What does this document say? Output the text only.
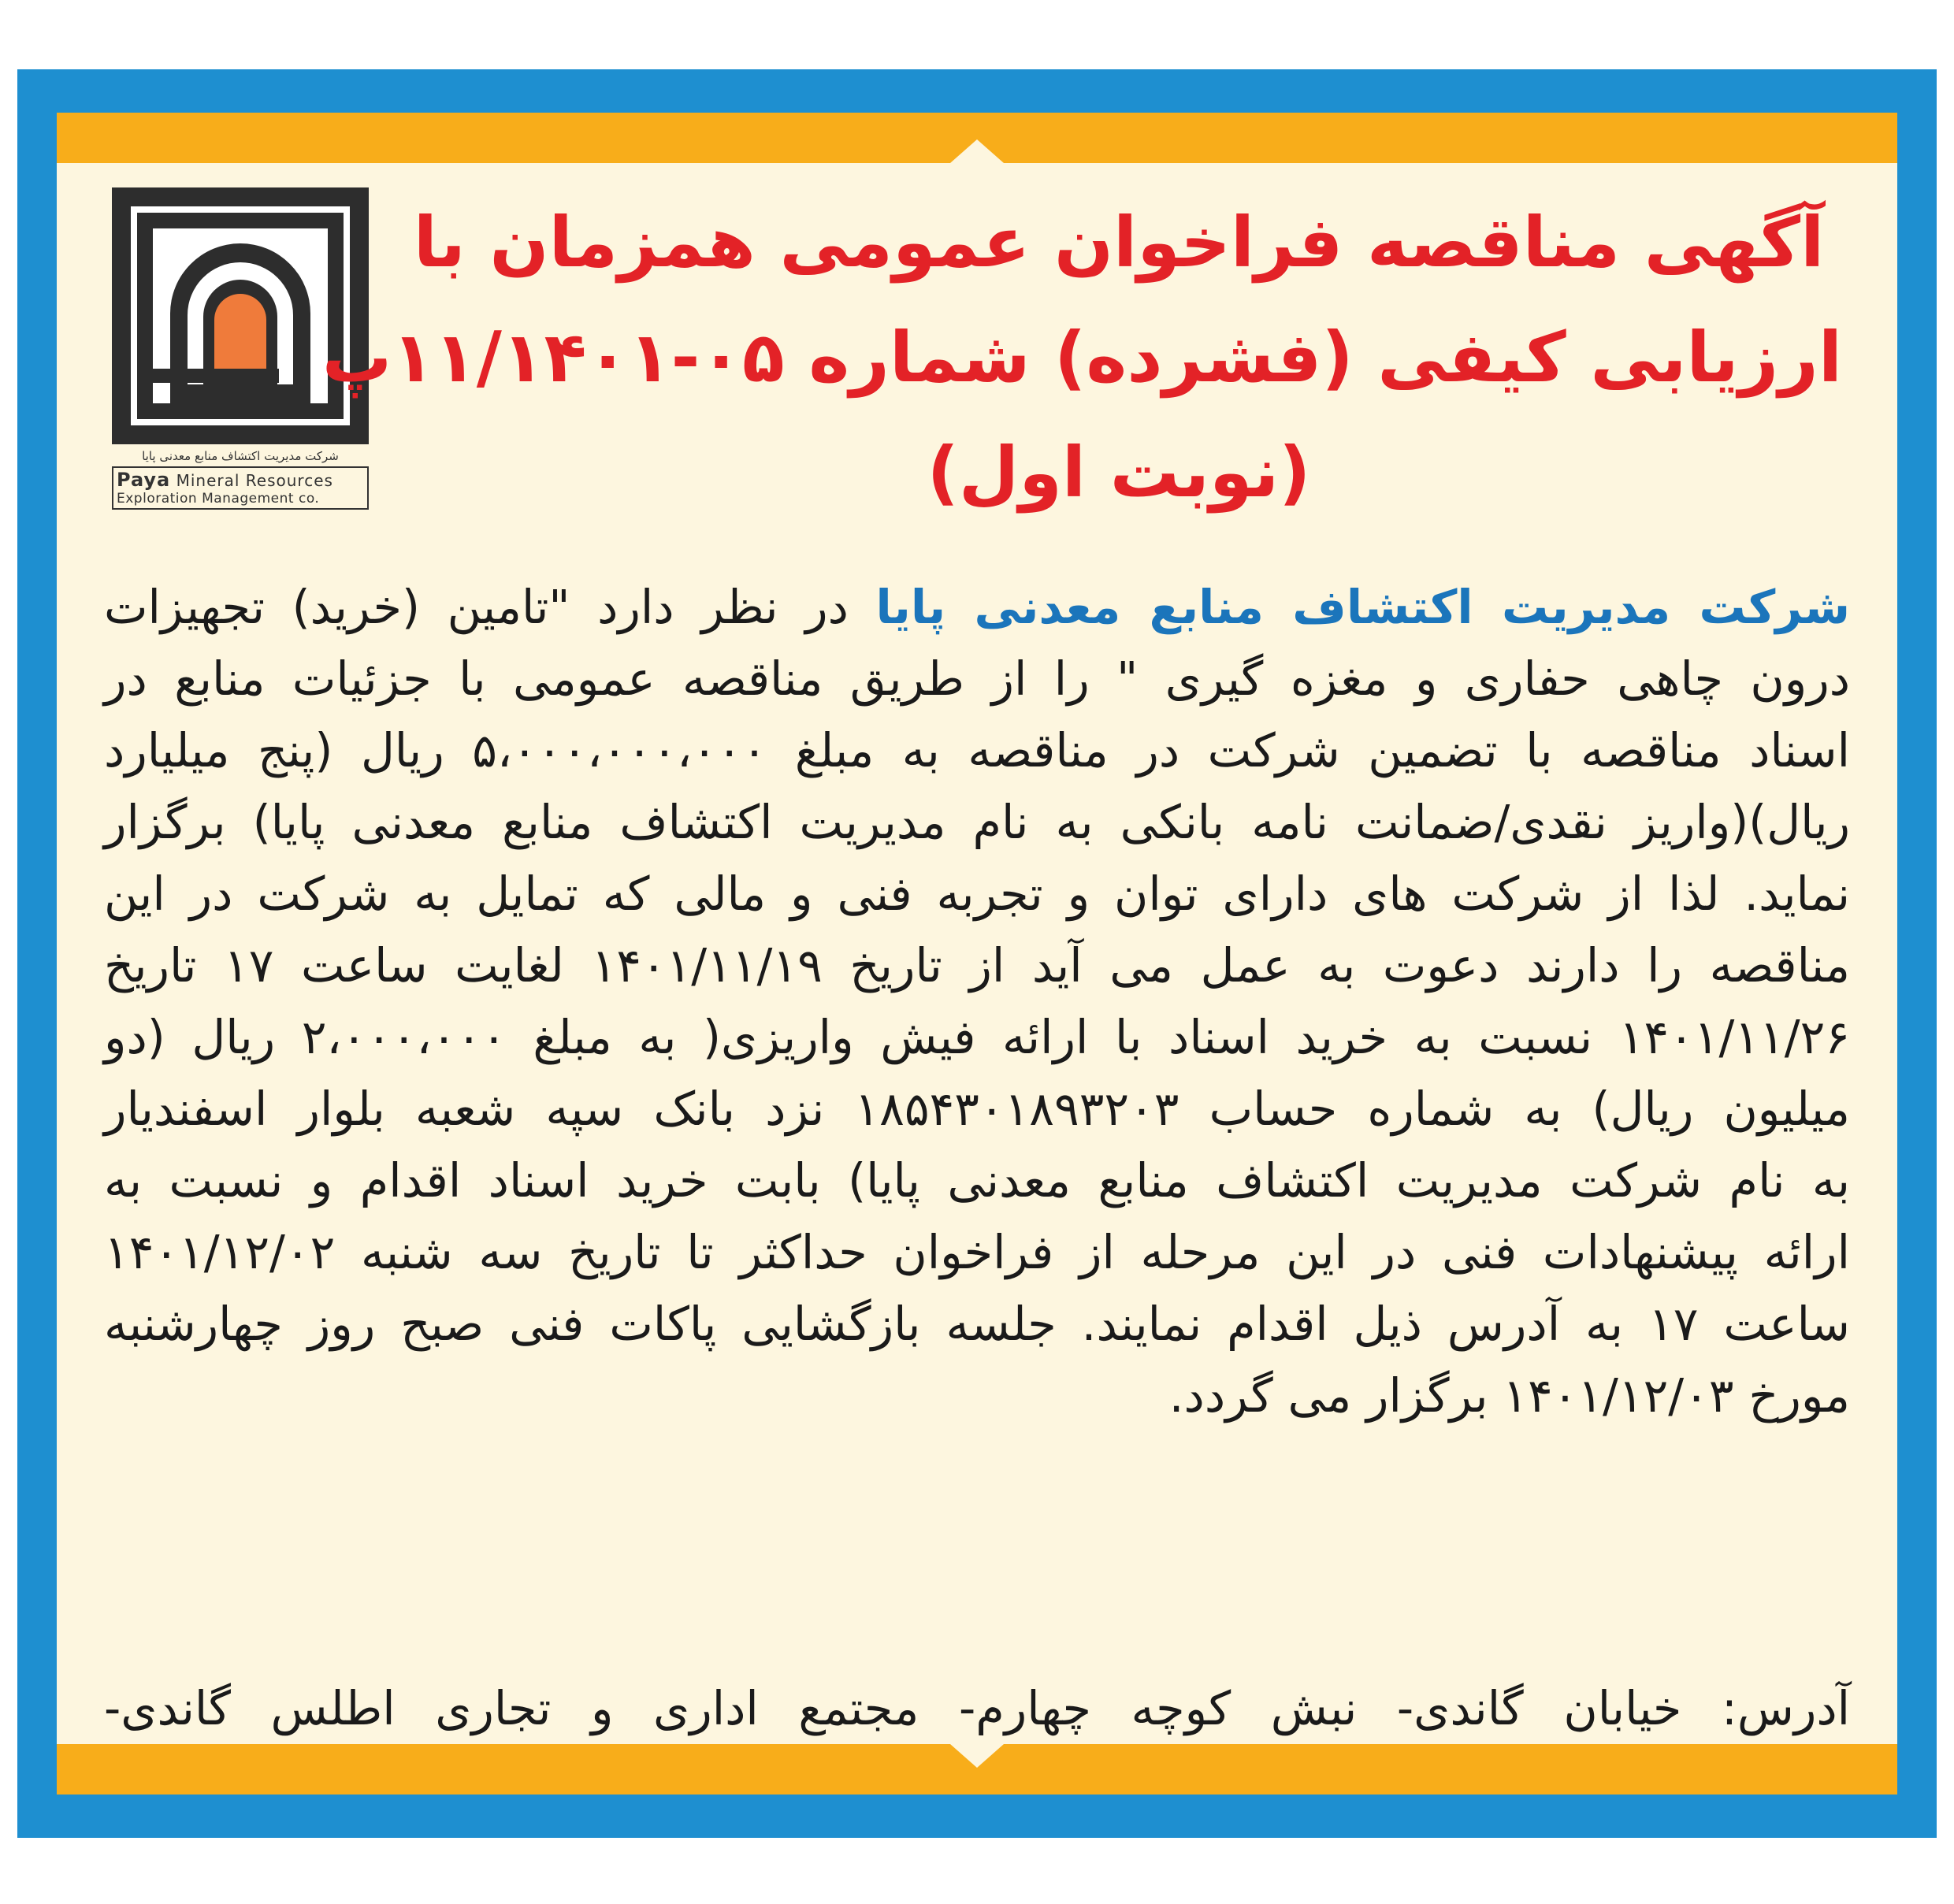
شرکت مدیریت اکتشاف منابع معدنی پایا
Paya Mineral Resources
Exploration Management co.
آگهی مناقصه فراخوان عمومی همزمان با
ارزیابی کیفی (فشرده) شماره ۰۵-۱۱/۱۴۰۱پ
(نوبت اول)
شرکت مدیریت اکتشاف منابع معدنی پایا در نظر دارد "تامین (خرید) تجهیزات
درون چاهی حفاری و مغزه گیری " را از طریق مناقصه عمومی با جزئیات منابع در
اسناد مناقصه با تضمین شرکت در مناقصه به مبلغ ۵،۰۰۰،۰۰۰،۰۰۰ ریال (پنج میلیارد
ریال)(واریز نقدی/ضمانت نامه بانکی به نام مدیریت اکتشاف منابع معدنی پایا) برگزار
نماید. لذا از شرکت های دارای توان و تجربه فنی و مالی که تمایل به شرکت در این
مناقصه را دارند دعوت به عمل می آید از تاریخ ۱۴۰۱/۱۱/۱۹ لغایت ساعت ۱۷ تاریخ
۱۴۰۱/۱۱/۲۶ نسبت به خرید اسناد با ارائه فیش واریزی( به مبلغ ۲،۰۰۰،۰۰۰ ریال (دو
میلیون ریال) به شماره حساب ۱۸۵۴۳۰۱۸۹۳۲۰۳ نزد بانک سپه شعبه بلوار اسفندیار
به نام شرکت مدیریت اکتشاف منابع معدنی پایا) بابت خرید اسناد اقدام و نسبت به
ارائه پیشنهادات فنی در این مرحله از فراخوان حداکثر تا تاریخ سه شنبه ۱۴۰۱/۱۲/۰۲
ساعت ۱۷ به آدرس ذیل اقدام نمایند. جلسه بازگشایی پاکات فنی صبح روز چهارشنبه
مورخ ۱۴۰۱/۱۲/۰۳ برگزار می گردد.
آدرس: خیابان گاندی- نبش کوچه چهارم- مجتمع اداری و تجاری اطلس گاندی-
